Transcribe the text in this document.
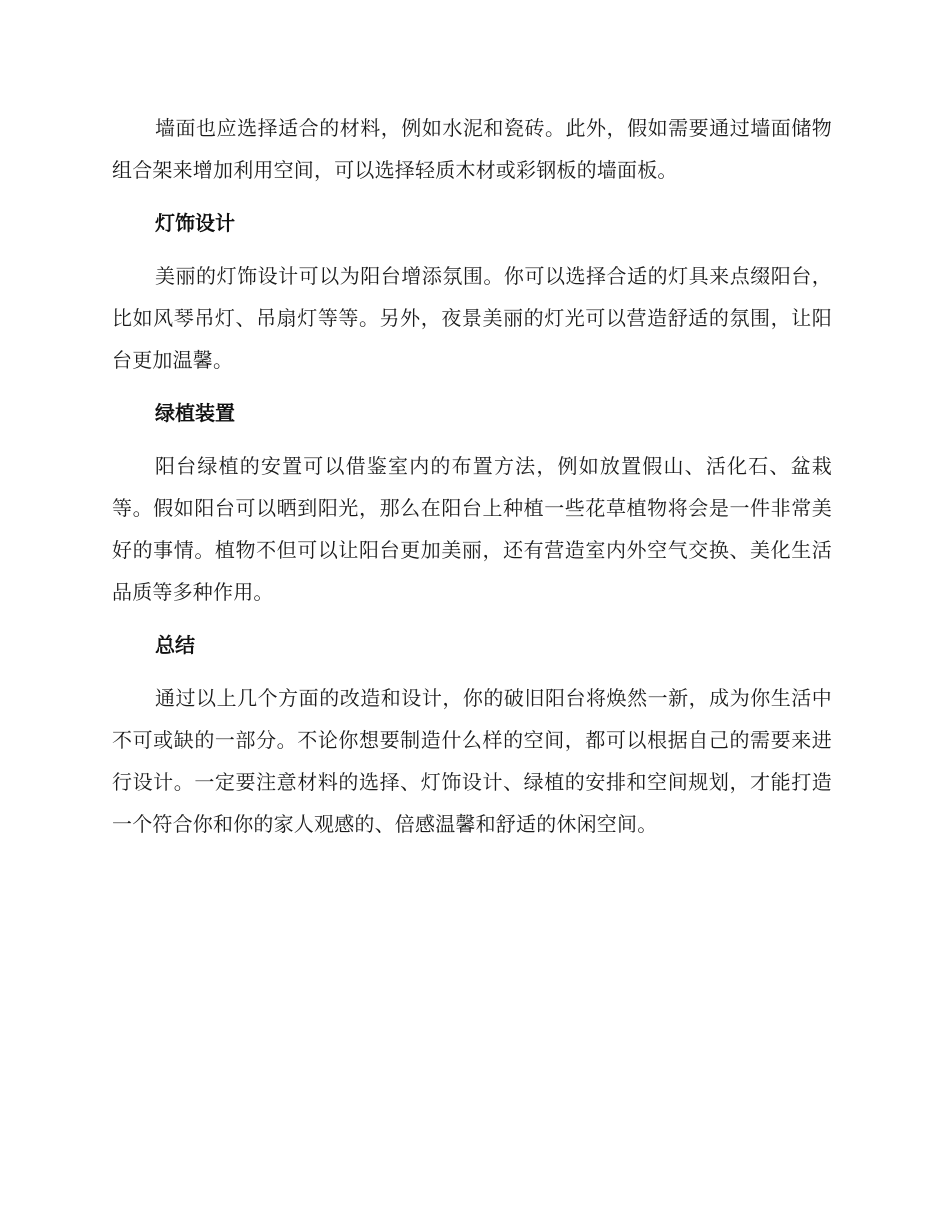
墙面也应选择适合的材料，例如水泥和瓷砖。此外，假如需要通过墙面储物组合架来增加利用空间，可以选择轻质木材或彩钢板的墙面板。

灯饰设计

美丽的灯饰设计可以为阳台增添氛围。你可以选择合适的灯具来点缀阳台，比如风琴吊灯、吊扇灯等等。另外，夜景美丽的灯光可以营造舒适的氛围，让阳台更加温馨。

绿植装置

阳台绿植的安置可以借鉴室内的布置方法，例如放置假山、活化石、盆栽等。假如阳台可以晒到阳光，那么在阳台上种植一些花草植物将会是一件非常美好的事情。植物不但可以让阳台更加美丽，还有营造室内外空气交换、美化生活品质等多种作用。

总结

通过以上几个方面的改造和设计，你的破旧阳台将焕然一新，成为你生活中不可或缺的一部分。不论你想要制造什么样的空间，都可以根据自己的需要来进行设计。一定要注意材料的选择、灯饰设计、绿植的安排和空间规划，才能打造一个符合你和你的家人观感的、倍感温馨和舒适的休闲空间。
